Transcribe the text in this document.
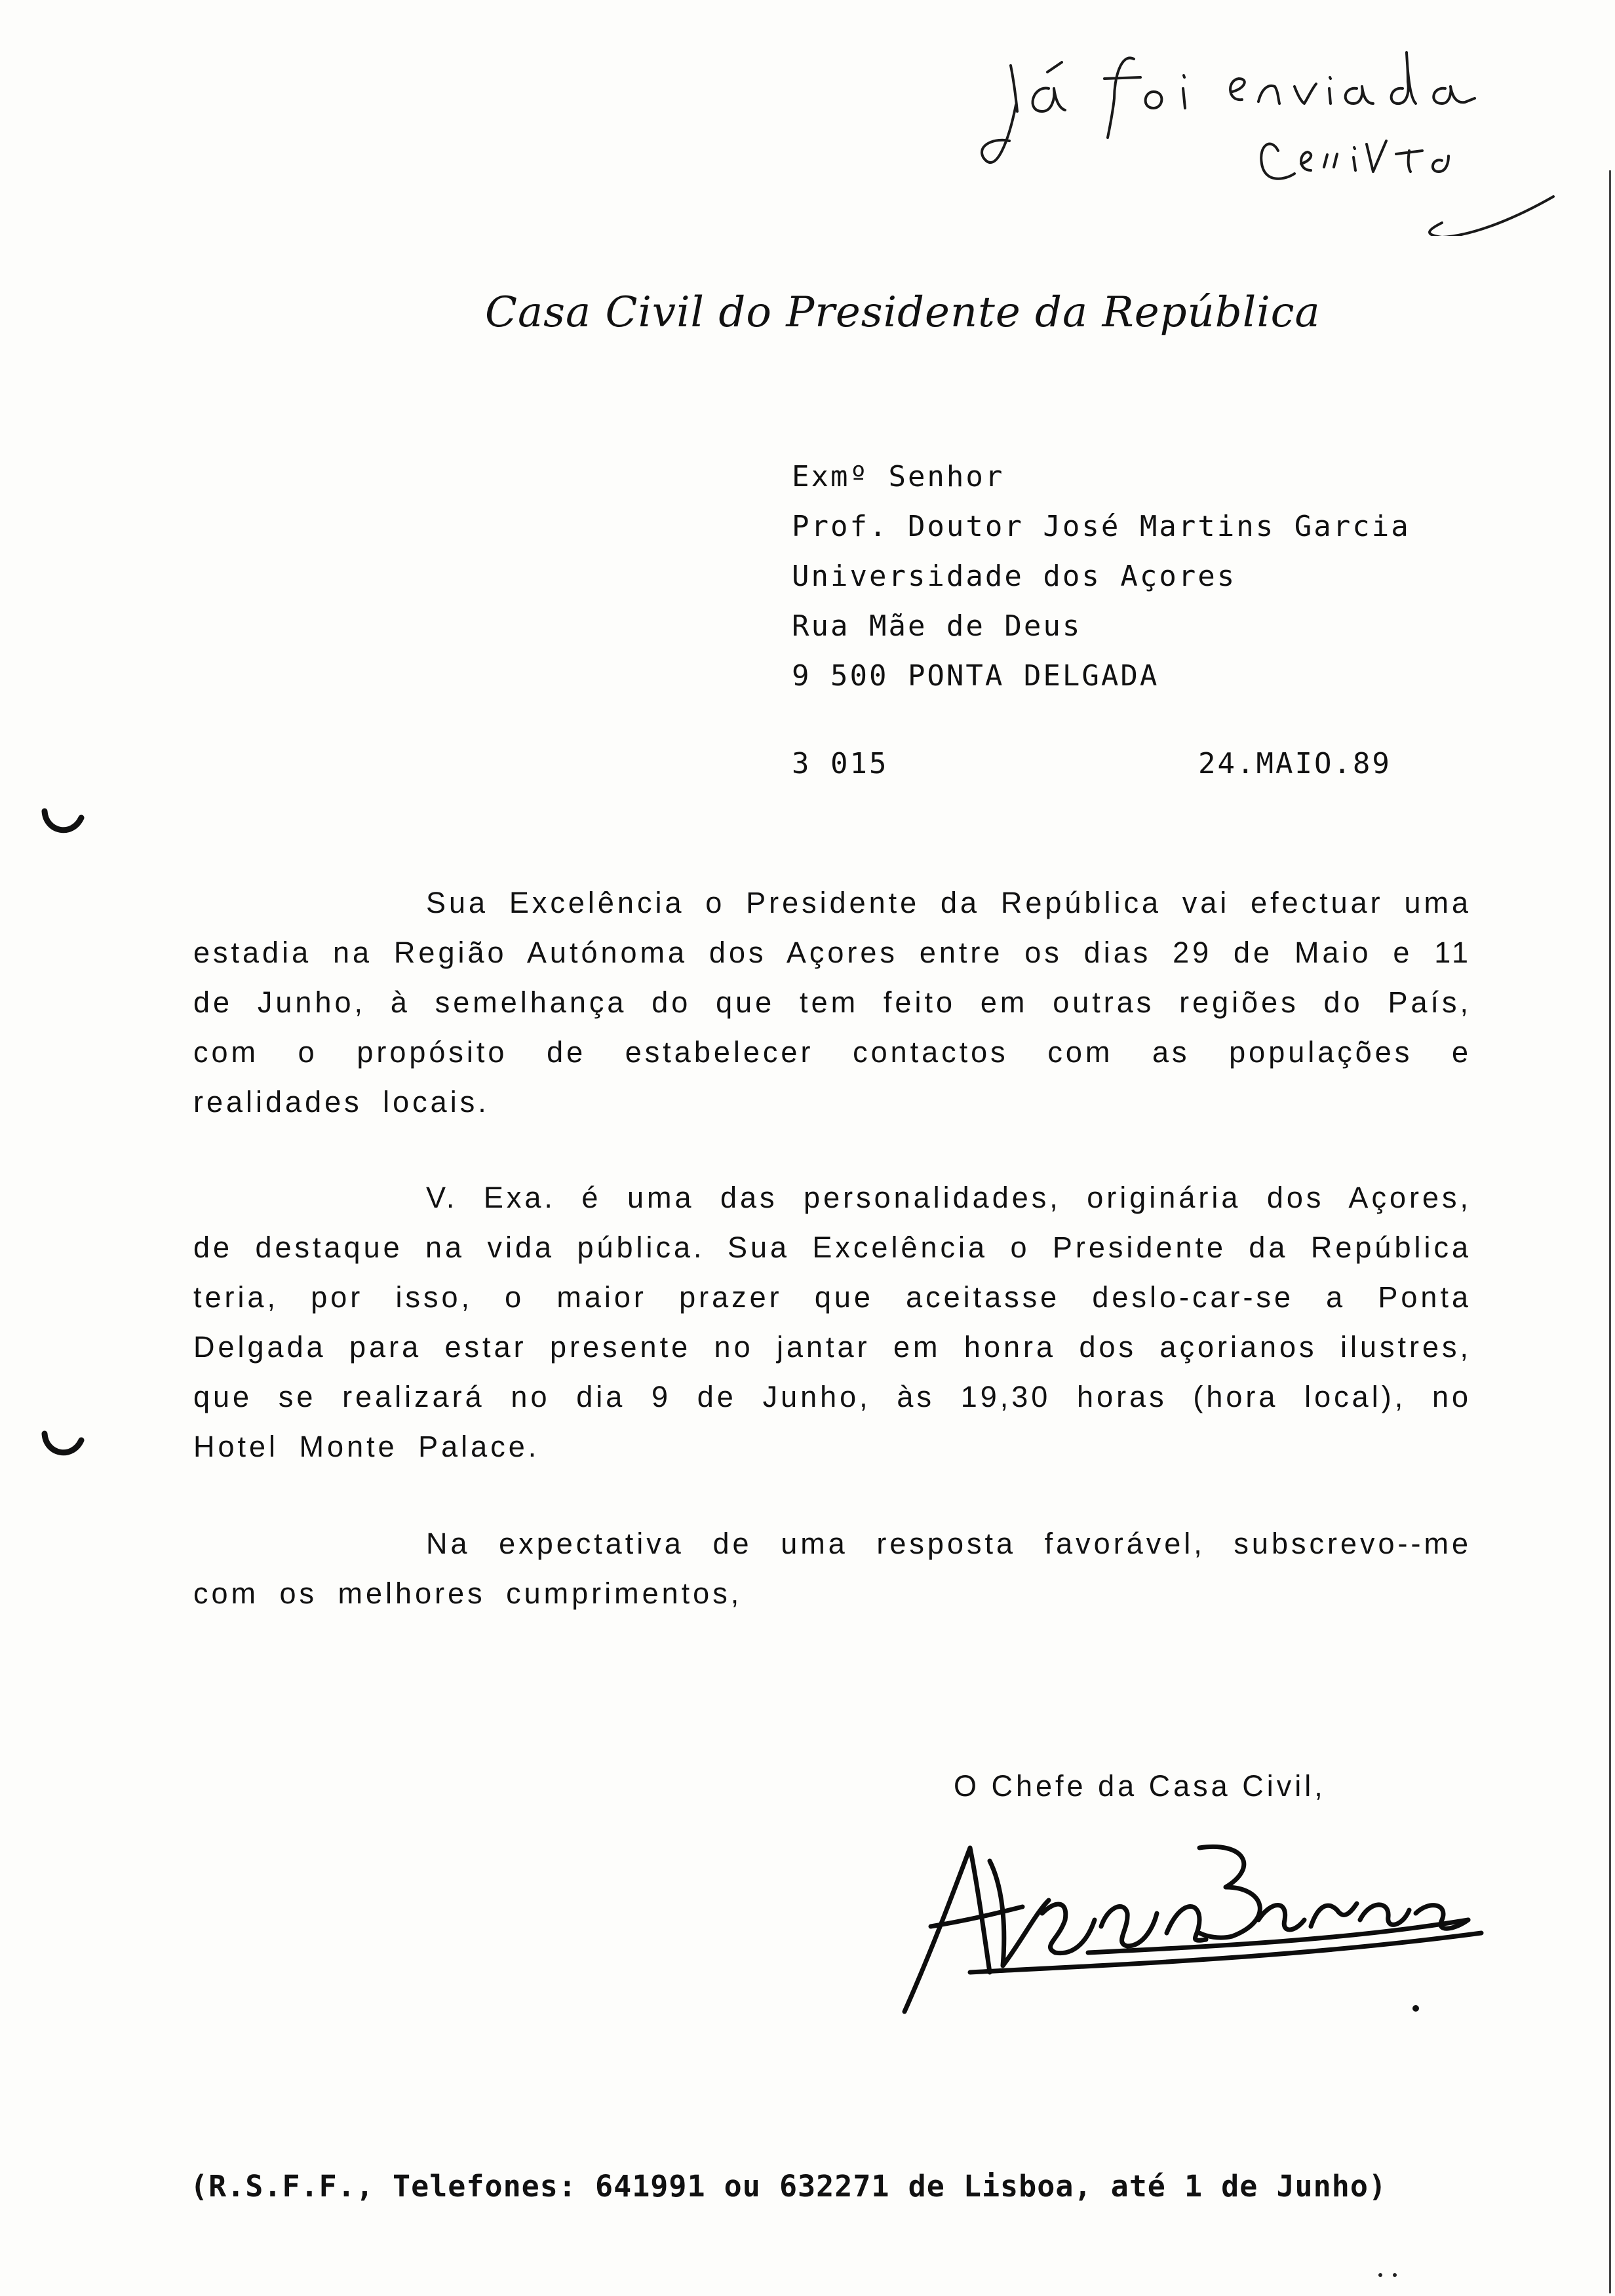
Casa Civil do Presidente da República
Exmº Senhor
Prof. Doutor José Martins Garcia
Universidade dos Açores
Rua Mãe de Deus
9 500 PONTA DELGADA
3 015	24.MAIO.89
Sua Excelência o Presidente da República vai efectuar uma estadia na Região Autónoma dos Açores entre os dias 29 de Maio e 11 de Junho, à semelhança do que tem feito em outras regiões do País, com o propósito de estabelecer contactos com as populações e realidades locais.
V. Exa. é uma das personalidades, originária dos Açores, de destaque na vida pública. Sua Excelência o Presidente da República teria, por isso, o maior prazer que aceitasse deslo-car-se a Ponta Delgada para estar presente no jantar em honra dos açorianos ilustres, que se realizará no dia 9 de Junho, às 19,30 horas (hora local), no Hotel Monte Palace.
Na expectativa de uma resposta favorável, subscrevo--me com os melhores cumprimentos,
O Chefe da Casa Civil,
(R.S.F.F., Telefones: 641991 ou 632271 de Lisboa, até 1 de Junho)
